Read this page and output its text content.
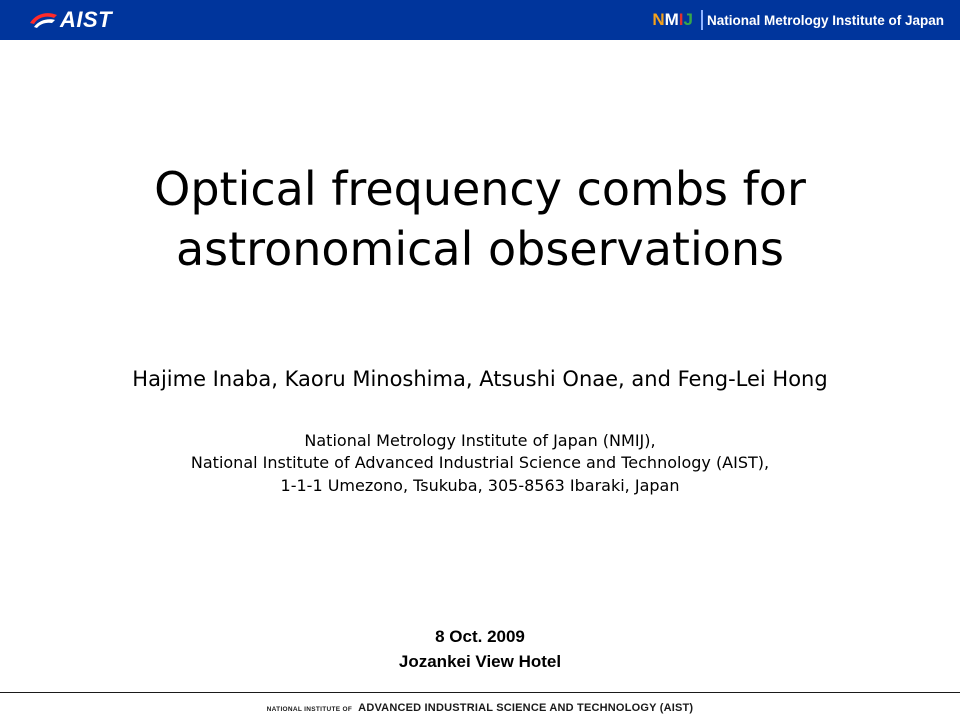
AIST	NMIJ National Metrology Institute of Japan
Optical frequency combs for
astronomical observations
Hajime Inaba, Kaoru Minoshima, Atsushi Onae, and Feng-Lei Hong
National Metrology Institute of Japan (NMIJ),
National Institute of Advanced Industrial Science and Technology (AIST),
1-1-1 Umezono, Tsukuba, 305-8563 Ibaraki, Japan
8 Oct. 2009
Jozankei View Hotel
NATIONAL INSTITUTE OF ADVANCED INDUSTRIAL SCIENCE AND TECHNOLOGY (AIST)
